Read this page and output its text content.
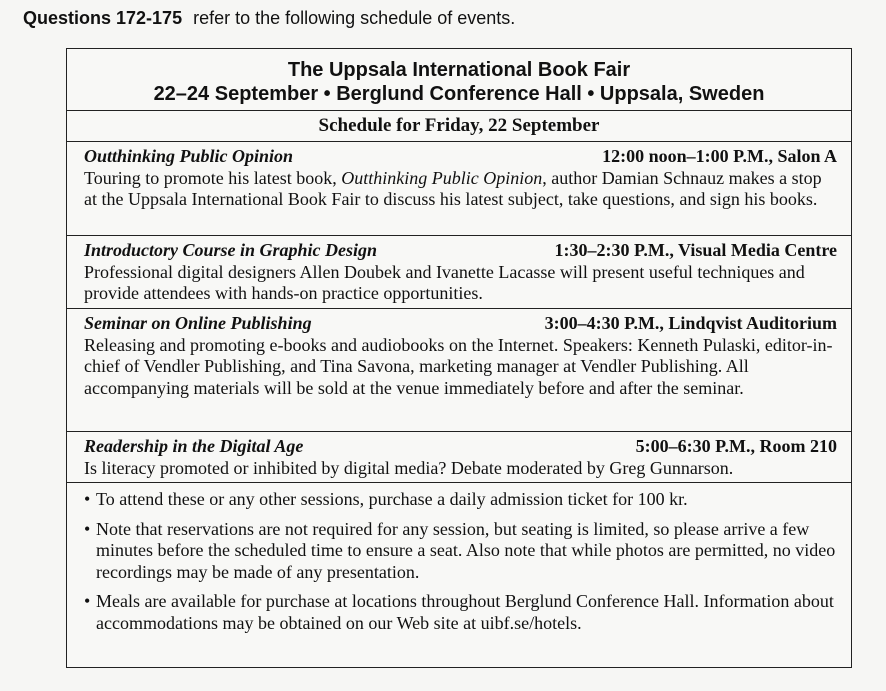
Questions 172-175 refer to the following schedule of events.
The Uppsala International Book Fair
22–24 September • Berglund Conference Hall • Uppsala, Sweden
Schedule for Friday, 22 September
Outthinking Public Opinion	12:00 noon–1:00 P.M., Salon A
Touring to promote his latest book, Outthinking Public Opinion, author Damian Schnauz makes a stop at the Uppsala International Book Fair to discuss his latest subject, take questions, and sign his books.
Introductory Course in Graphic Design	1:30–2:30 P.M., Visual Media Centre
Professional digital designers Allen Doubek and Ivanette Lacasse will present useful techniques and provide attendees with hands-on practice opportunities.
Seminar on Online Publishing	3:00–4:30 P.M., Lindqvist Auditorium
Releasing and promoting e-books and audiobooks on the Internet. Speakers: Kenneth Pulaski, editor-in-chief of Vendler Publishing, and Tina Savona, marketing manager at Vendler Publishing. All accompanying materials will be sold at the venue immediately before and after the seminar.
Readership in the Digital Age	5:00–6:30 P.M., Room 210
Is literacy promoted or inhibited by digital media? Debate moderated by Greg Gunnarson.
• To attend these or any other sessions, purchase a daily admission ticket for 100 kr.
• Note that reservations are not required for any session, but seating is limited, so please arrive a few minutes before the scheduled time to ensure a seat. Also note that while photos are permitted, no video recordings may be made of any presentation.
• Meals are available for purchase at locations throughout Berglund Conference Hall. Information about accommodations may be obtained on our Web site at uibf.se/hotels.
